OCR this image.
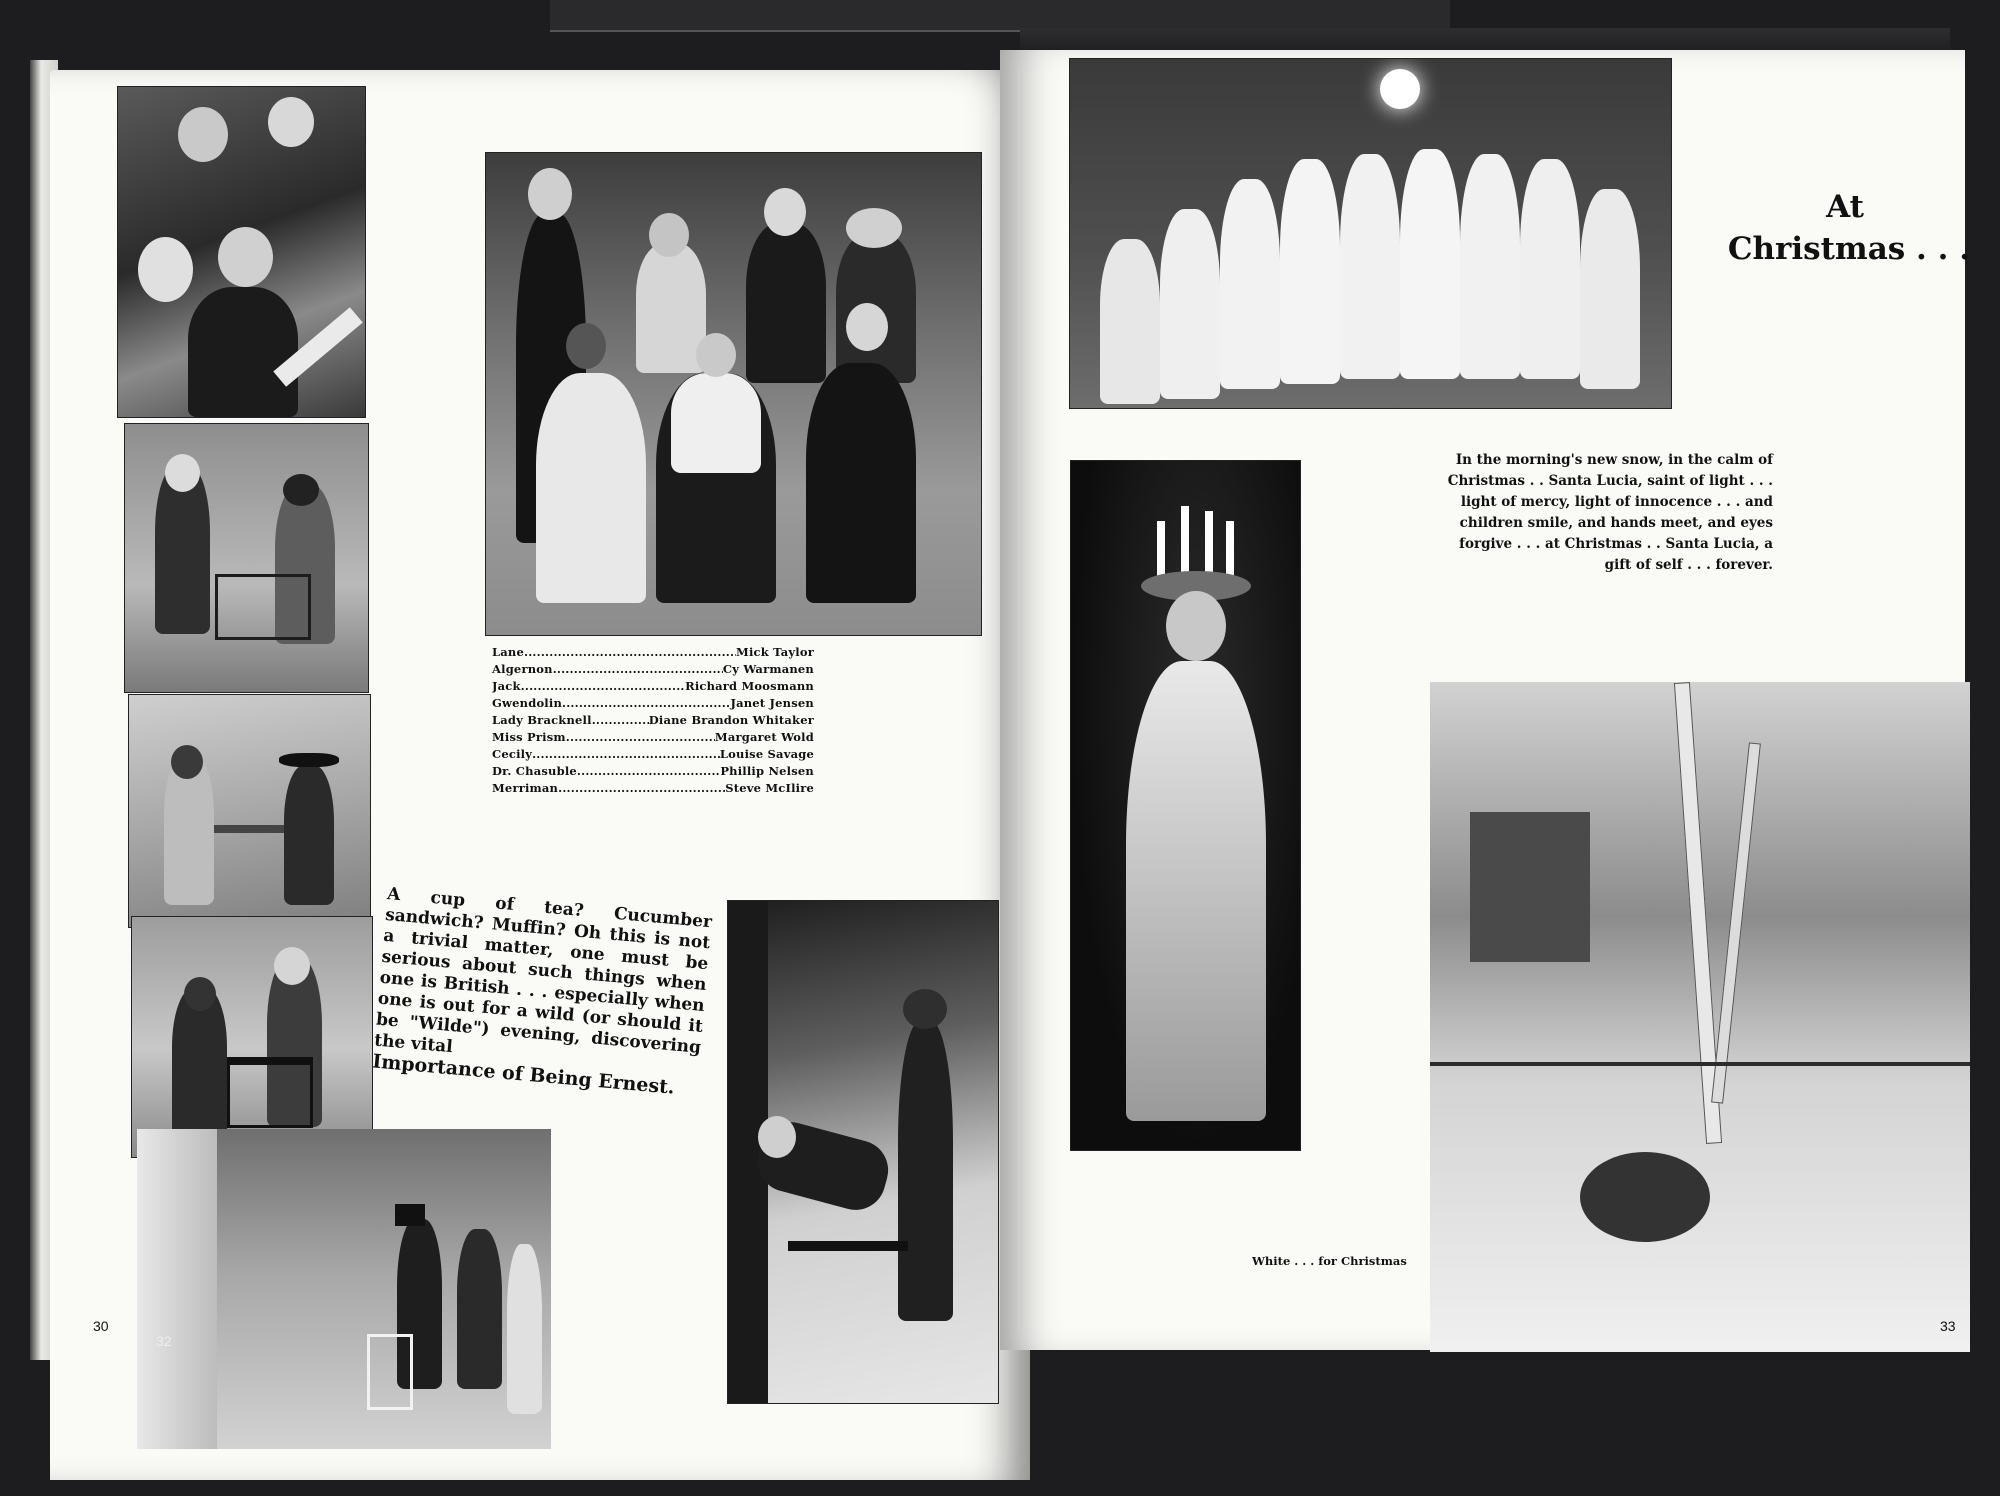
Lane .....	Mick Taylor
Algernon .....	Cy Warmanen
Jack .....	Richard Moosmann
Gwendolin .....	Janet Jensen
Lady Bracknell .....	Diane Brandon Whitaker
Miss Prism .....	Margaret Wold
Cecily .....	Louise Savage
Dr. Chasuble .....	Phillip Nelsen
Merriman .....	Steve McIlire
A cup of tea? Cucumber sandwich? Muffin? Oh this is not a trivial matter, one must be serious about such things when one is British . . . especially when one is out for a wild (or should it be "Wilde") evening, discovering the vital
Importance of Being Ernest.
30
32
At
Christmas . . .
In the morning's new snow, in the calm of Christmas . . Santa Lucia, saint of light . . . light of mercy, light of innocence . . . and children smile, and hands meet, and eyes forgive . . . at Christmas . . Santa Lucia, a gift of self . . . forever.
White . . . for Christmas
33
